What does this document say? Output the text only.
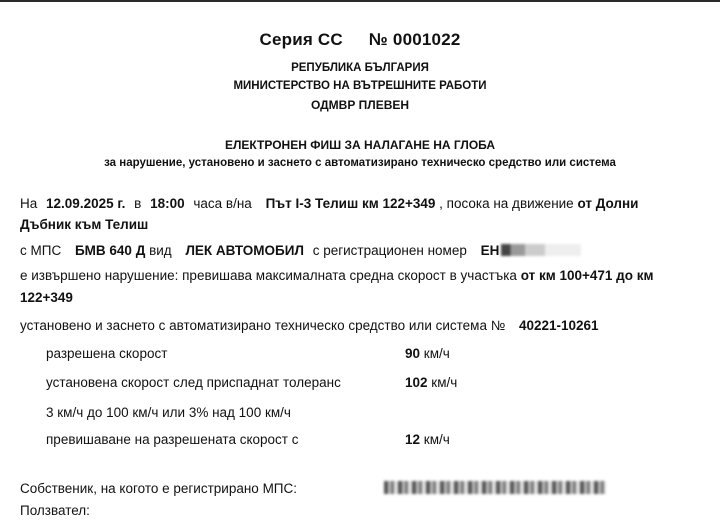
Серия СС № 0001022
РЕПУБЛИКА БЪЛГАРИЯ
МИНИСТЕРСТВО НА ВЪТРЕШНИТЕ РАБОТИ
ОДМВР ПЛЕВЕН
ЕЛЕКТРОНЕН ФИШ ЗА НАЛАГАНЕ НА ГЛОБА
за нарушение, установено и заснето с автоматизирано техническо средство или система
На 12.09.2025 г. в 18:00 часа в/на Път I-3 Телиш км 122+349 , посока на движение от Долни
Дъбник към Телиш
с МПС БМВ 640 Д вид ЛЕК АВТОМОБИЛ с регистрационен номер ЕН
е извършено нарушение: превишава максималната средна скорост в участъка от км 100+471 до км
122+349
установено и заснето с автоматизирано техническо средство или система № 40221-10261
разрешена скорост	90 км/ч
установена скорост след приспаднат толеранс	102 км/ч
3 км/ч до 100 км/ч или 3% над 100 км/ч
превишаване на разрешената скорост с	12 км/ч
Собственик, на когото е регистрирано МПС:
Ползвател:
